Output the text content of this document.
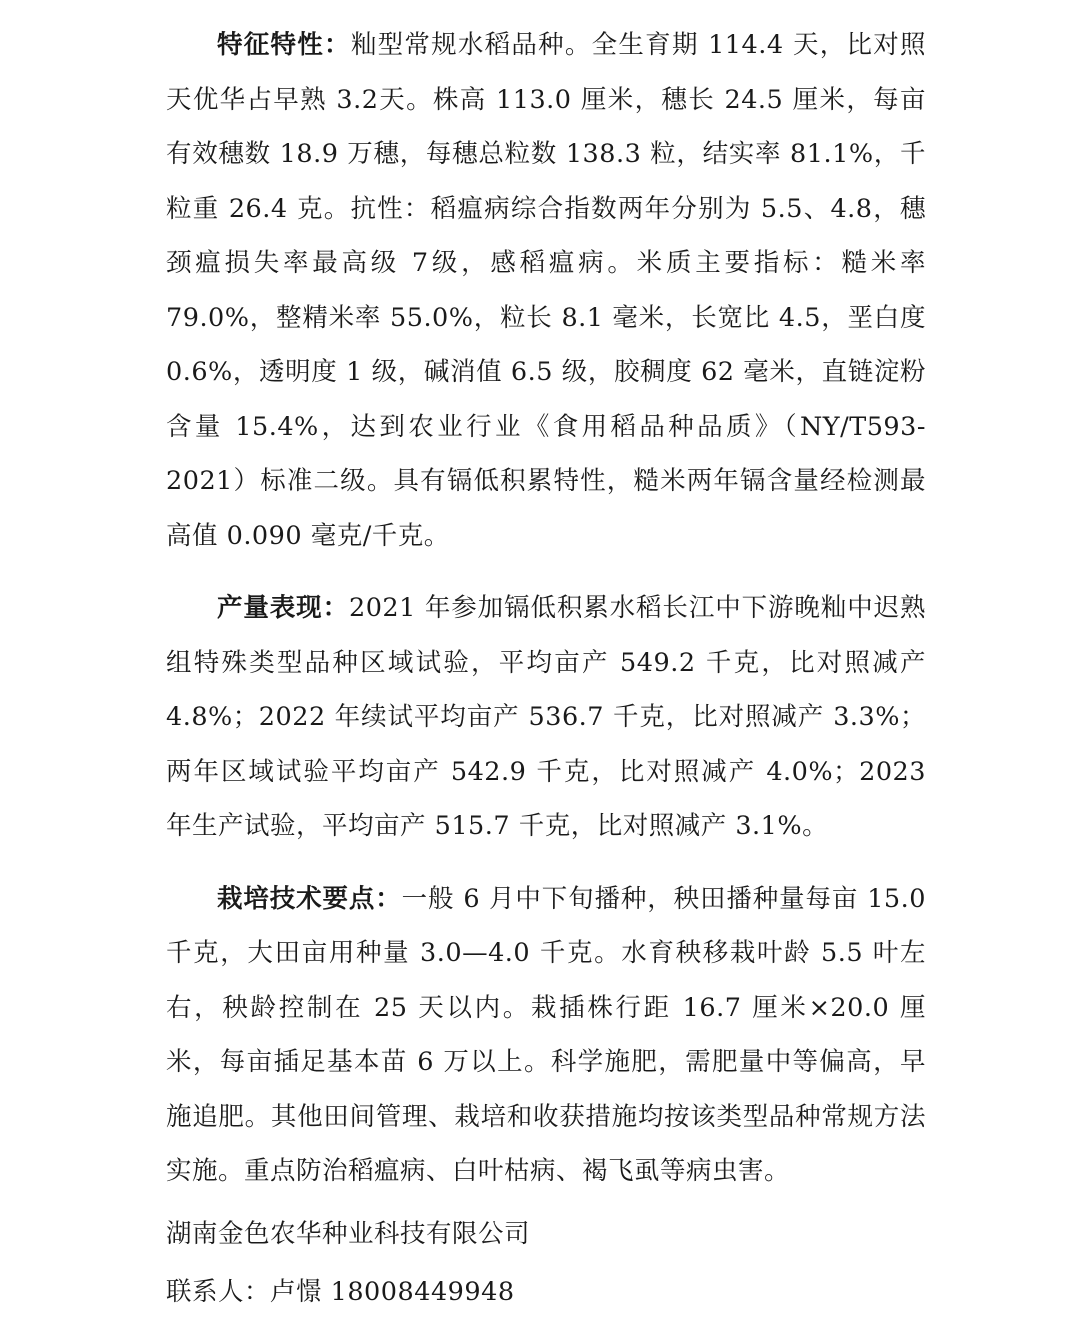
特征特性：籼型常规水稻品种。全生育期 114.4 天，比对照天优华占早熟 3.2天。株高 113.0 厘米，穗长 24.5 厘米，每亩有效穗数 18.9 万穗，每穗总粒数 138.3 粒，结实率 81.1%，千粒重 26.4 克。抗性：稻瘟病综合指数两年分别为 5.5、4.8，穗颈瘟损失率最高级 7级，感稻瘟病。米质主要指标：糙米率 79.0%，整精米率 55.0%，粒长 8.1 毫米，长宽比 4.5，垩白度 0.6%，透明度 1 级，碱消值 6.5 级，胶稠度 62 毫米，直链淀粉含量 15.4%，达到农业行业《食用稻品种品质》（NY/T593-2021）标准二级。具有镉低积累特性，糙米两年镉含量经检测最高值 0.090 毫克/千克。

产量表现：2021 年参加镉低积累水稻长江中下游晚籼中迟熟组特殊类型品种区域试验，平均亩产 549.2 千克，比对照减产 4.8%；2022 年续试平均亩产 536.7 千克，比对照减产 3.3%；两年区域试验平均亩产 542.9 千克，比对照减产 4.0%；2023 年生产试验，平均亩产 515.7 千克，比对照减产 3.1%。

栽培技术要点：一般 6 月中下旬播种，秧田播种量每亩 15.0 千克，大田亩用种量 3.0—4.0 千克。水育秧移栽叶龄 5.5 叶左右，秧龄控制在 25 天以内。栽插株行距 16.7 厘米×20.0 厘米，每亩插足基本苗 6 万以上。科学施肥，需肥量中等偏高，早施追肥。其他田间管理、栽培和收获措施均按该类型品种常规方法实施。重点防治稻瘟病、白叶枯病、褐飞虱等病虫害。

湖南金色农华种业科技有限公司

联系人：卢憬 18008449948
